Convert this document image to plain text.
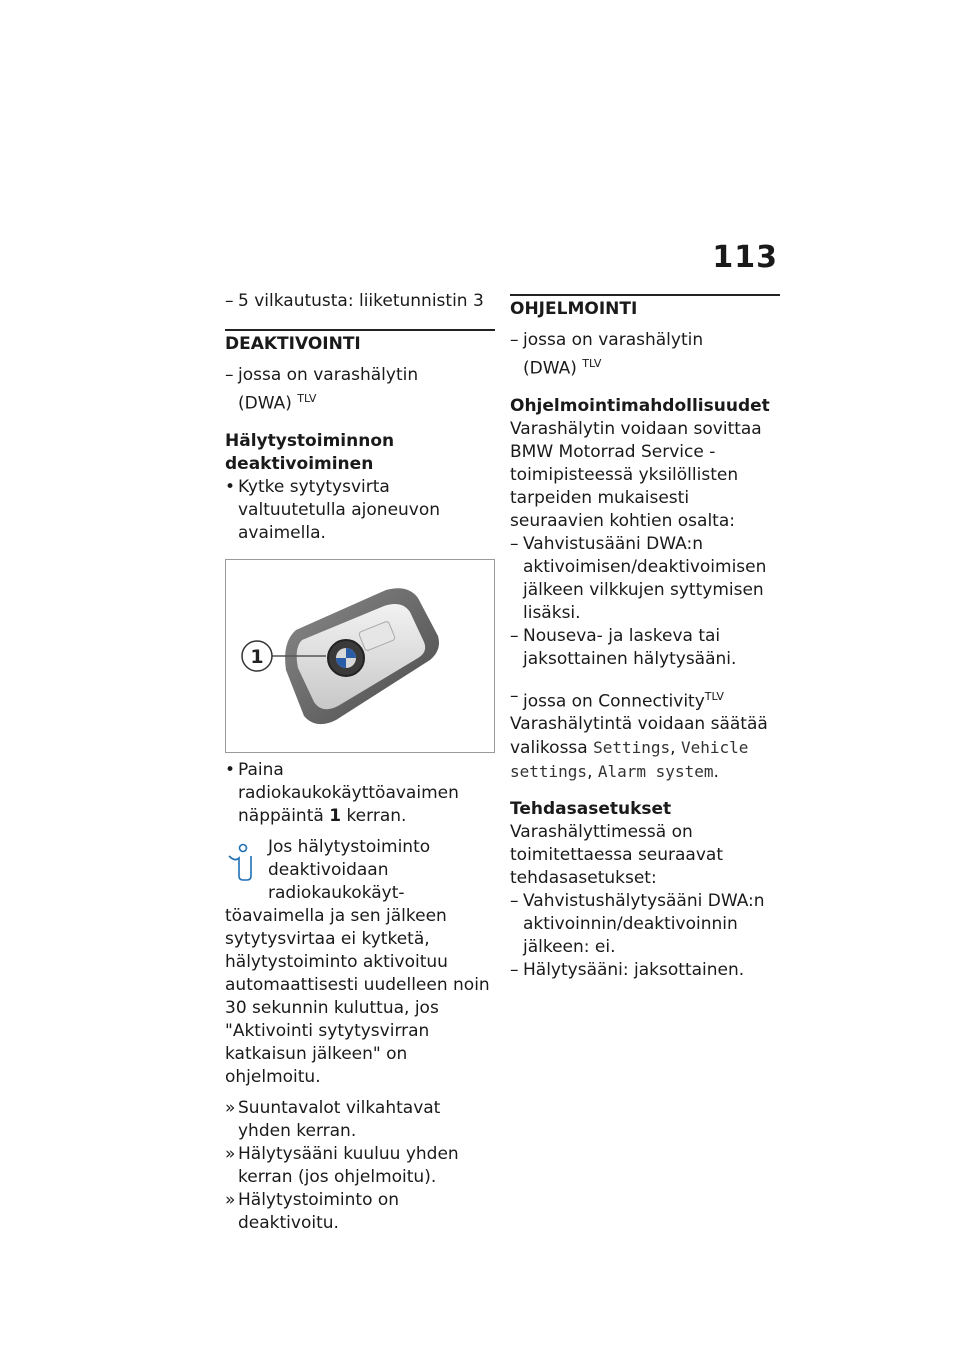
113
– 5 vilkautusta: liiketunnistin 3
DEAKTIVOINTI
– jossa on varashälytin
(DWA) $^{TLV}$
Hälytystoiminnon deaktivoiminen
• Kytke sytytysvirta valtuutetulla ajoneuvon avaimella.
1
• Paina radiokaukokäyttöavaimen näppäintä 1 kerran.
Jos hälytystoiminto deaktivoidaan radiokaukokäyt-
töavaimella ja sen jälkeen sytytysvirtaa ei kytketä, hälytystoiminto aktivoituu automaattisesti uudelleen noin 30 sekunnin kuluttua, jos "Aktivointi sytytysvirran katkaisun jälkeen" on ohjelmoitu.
» Suuntavalot vilkahtavat yhden kerran.
» Hälytysääni kuuluu yhden kerran (jos ohjelmoitu).
» Hälytystoiminto on deaktivoitu.
OHJELMOINTI
– jossa on varashälytin
(DWA) $^{TLV}$
Ohjelmointimahdollisuudet
Varashälytin voidaan sovittaa BMW Motorrad Service -toimipisteessä yksilöllisten tarpeiden mukaisesti seuraavien kohtien osalta:
– Vahvistusääni DWA:n aktivoimisen/deaktivoimisen jälkeen vilkkujen syttymisen lisäksi.
– Nouseva- ja laskeva tai jaksottainen hälytysääni.
– jossa on Connectivity$^{TLV}$
Varashälytintä voidaan säätää valikossa Settings, Vehicle settings, Alarm system.
Tehdasasetukset
Varashälyttimessä on toimitettaessa seuraavat tehdasasetukset:
– Vahvistushälytysääni DWA:n aktivoinnin/deaktivoinnin jälkeen: ei.
– Hälytysääni: jaksottainen.
